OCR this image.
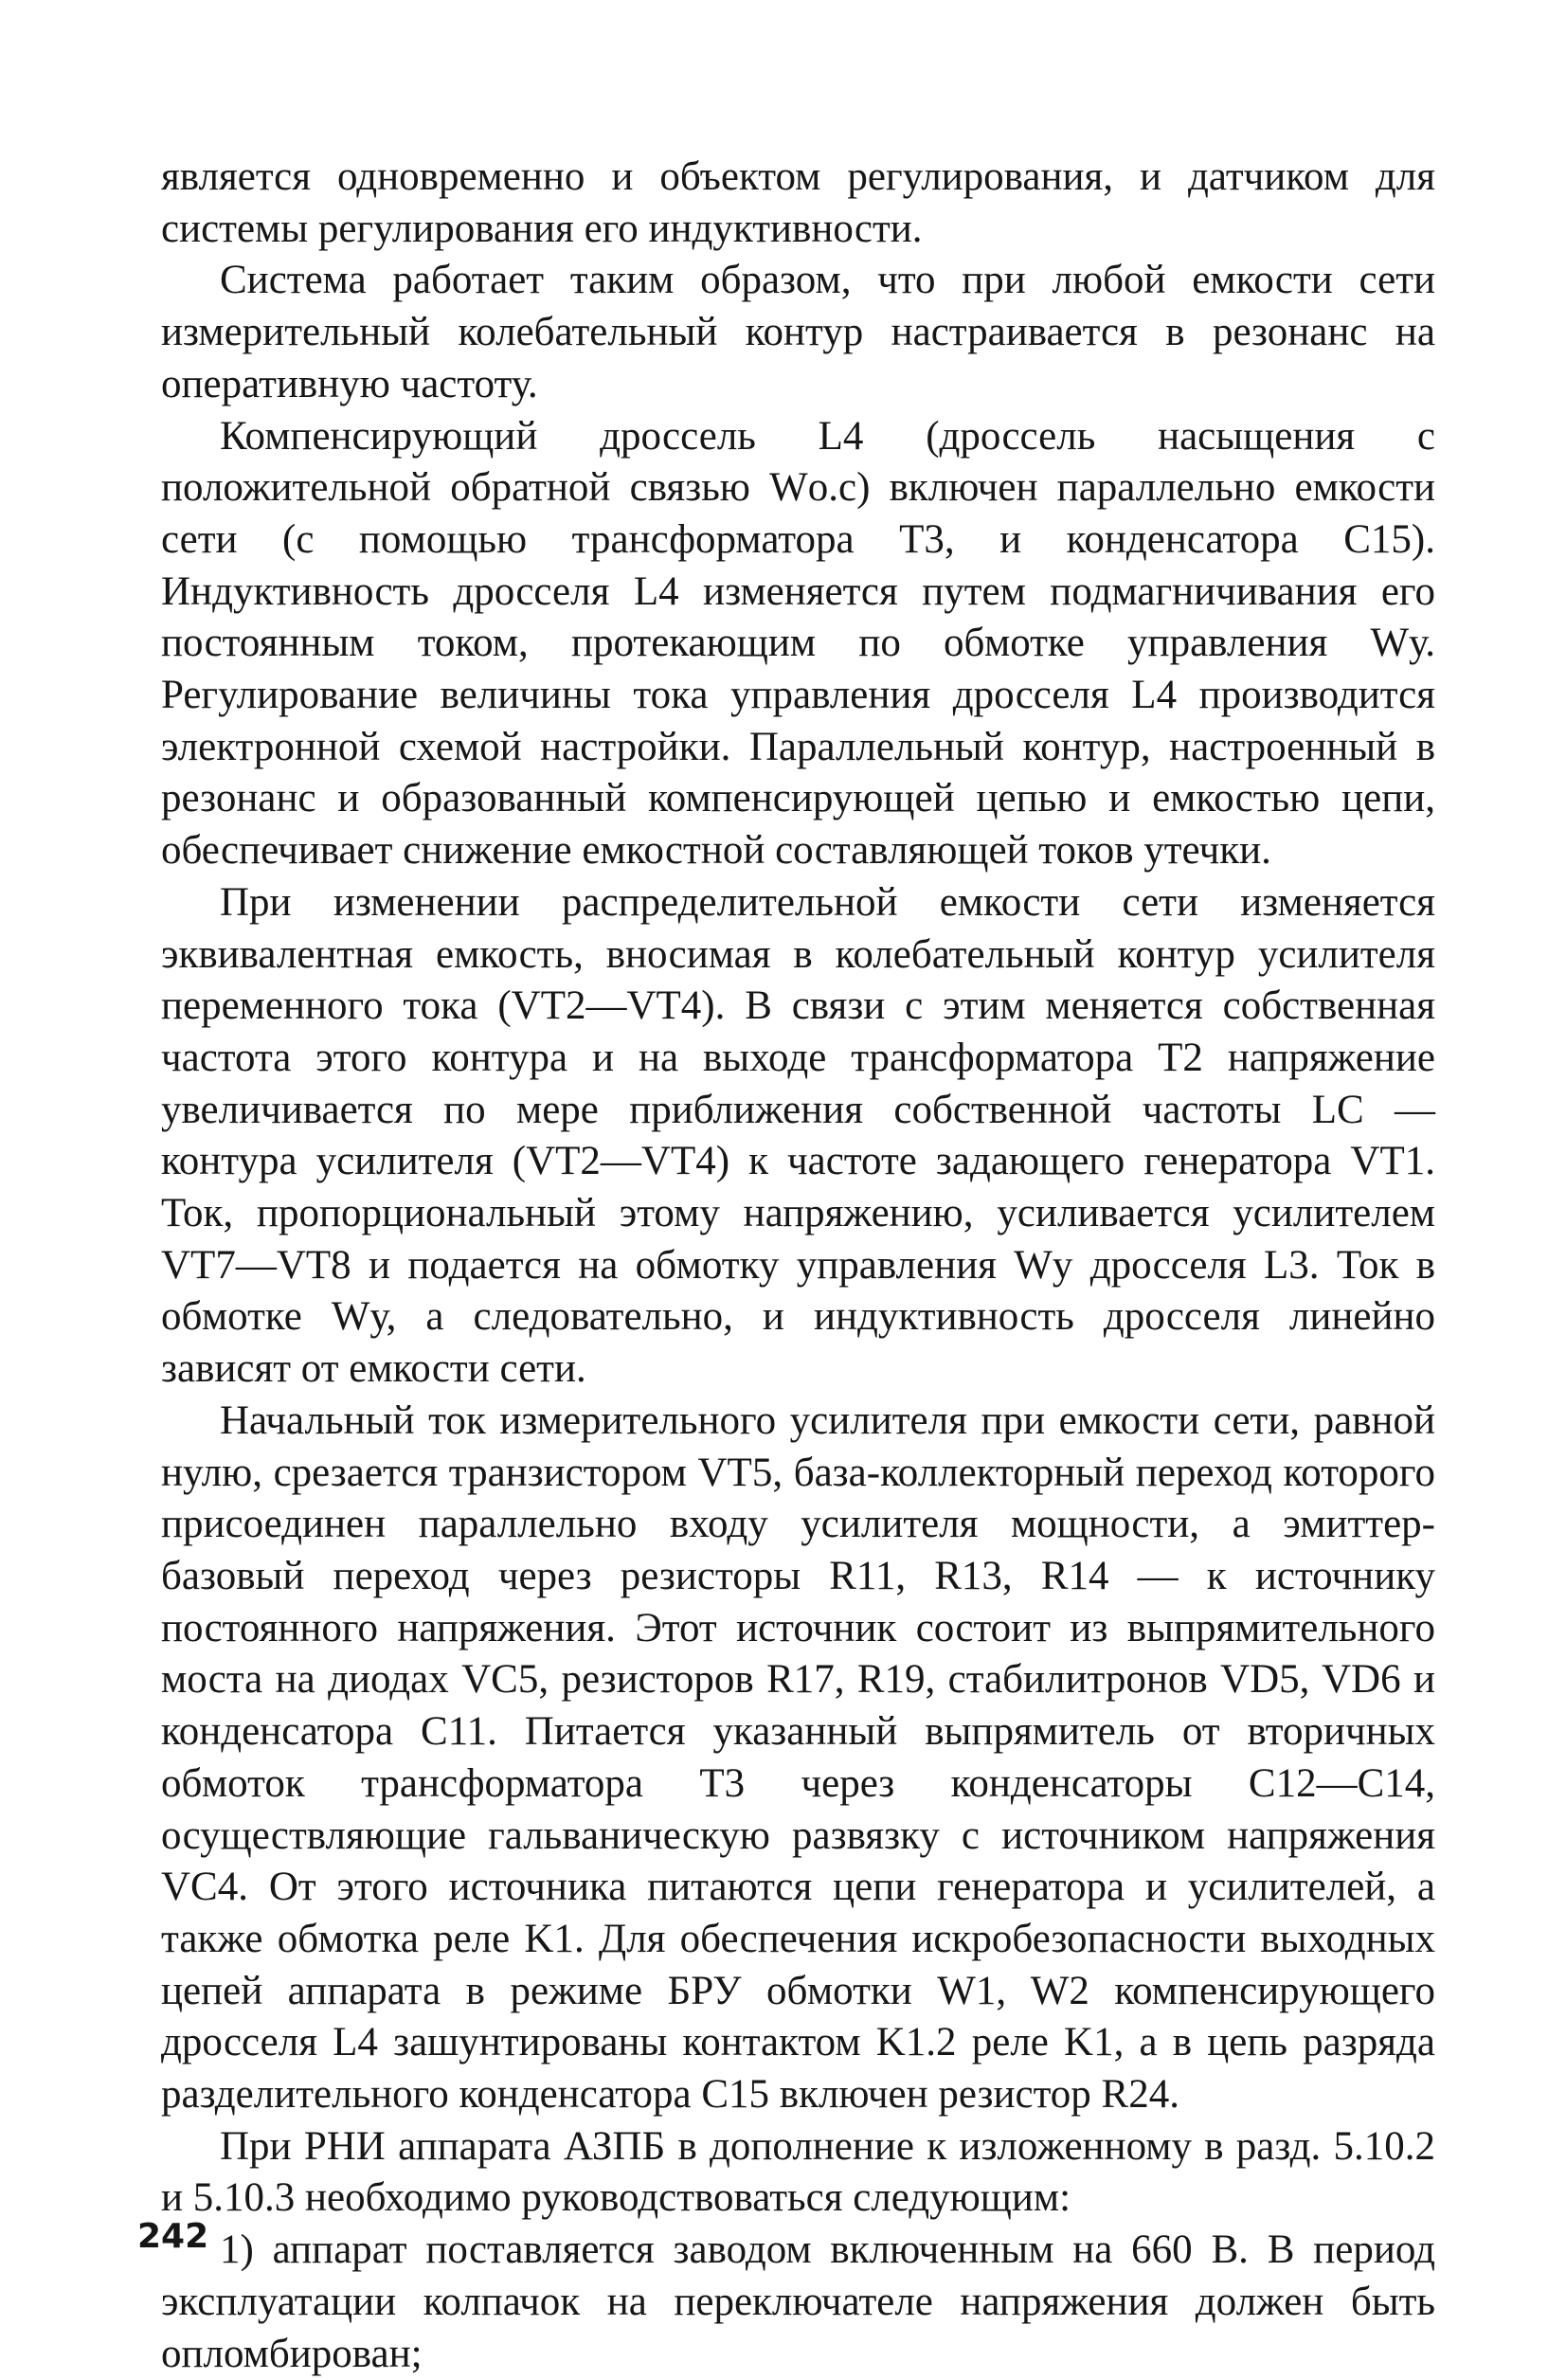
является одновременно и объектом регулирования, и датчиком для системы регулирования его индуктивности.

Система работает таким образом, что при любой емкости сети измерительный колебательный контур настраивается в резонанс на оперативную частоту.

Компенсирующий дроссель L4 (дроссель насыщения с положительной обратной связью Wо.с) включен параллельно емкости сети (с помощью трансформатора Т3, и конденсатора С15). Индуктивность дросселя L4 изменяется путем подмагничивания его постоянным током, протекающим по обмотке управления Wу. Регулирование величины тока управления дросселя L4 производится электронной схемой настройки. Параллельный контур, настроенный в резонанс и образованный компенсирующей цепью и емкостью цепи, обеспечивает снижение емкостной составляющей токов утечки.

При изменении распределительной емкости сети изменяется эквивалентная емкость, вносимая в колебательный контур усилителя переменного тока (VT2—VT4). В связи с этим меняется собственная частота этого контура и на выходе трансформатора Т2 напряжение увеличивается по мере приближения собственной частоты LC — контура усилителя (VT2—VT4) к частоте задающего генератора VT1. Ток, пропорциональный этому напряжению, усиливается усилителем VT7—VT8 и подается на обмотку управления Wу дросселя L3. Ток в обмотке Wу, а следовательно, и индуктивность дросселя линейно зависят от емкости сети.

Начальный ток измерительного усилителя при емкости сети, равной нулю, срезается транзистором VT5, база-коллекторный переход которого присоединен параллельно входу усилителя мощности, а эмиттер-базовый переход через резисторы R11, R13, R14 — к источнику постоянного напряжения. Этот источник состоит из выпрямительного моста на диодах VC5, резисторов R17, R19, стабилитронов VD5, VD6 и конденсатора С11. Питается указанный выпрямитель от вторичных обмоток трансформатора Т3 через конденсаторы С12—С14, осуществляющие гальваническую развязку с источником напряжения VC4. От этого источника питаются цепи генератора и усилителей, а также обмотка реле K1. Для обеспечения искробезопасности выходных цепей аппарата в режиме БРУ обмотки W1, W2 компенсирующего дросселя L4 зашунтированы контактом K1.2 реле K1, а в цепь разряда разделительного конденсатора С15 включен резистор R24.

При РНИ аппарата АЗПБ в дополнение к изложенному в разд. 5.10.2 и 5.10.3 необходимо руководствоваться следующим:

1) аппарат поставляется заводом включенным на 660 В. В период эксплуатации колпачок на переключателе напряжения должен быть опломбирован;

242
